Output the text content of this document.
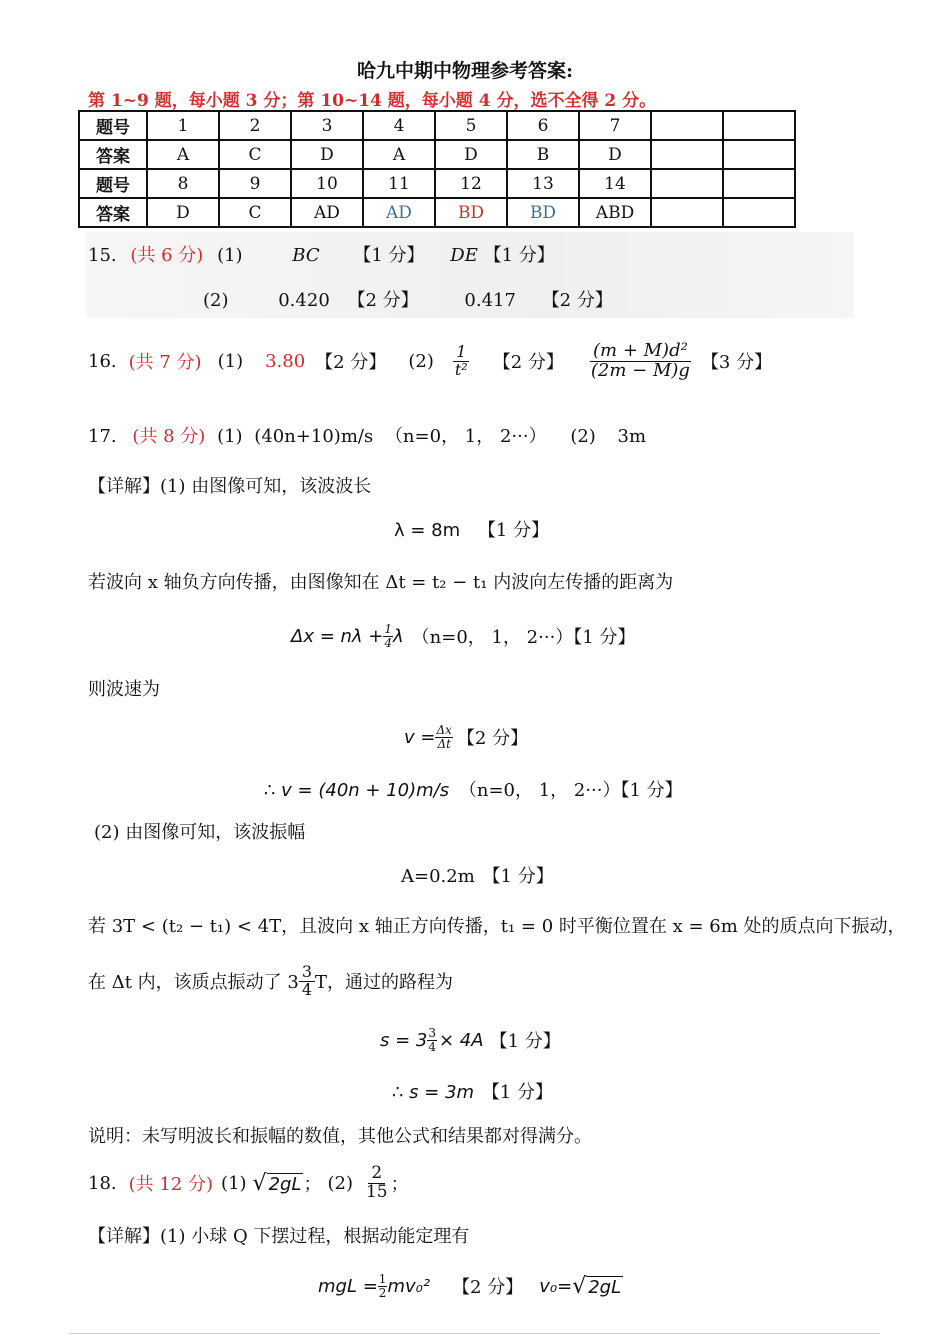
哈九中期中物理参考答案:
第 1~9 题，每小题 3 分；第 10~14 题，每小题 4 分，选不全得 2 分。
题号	1	2	3	4	5	6	7		
答案	A	C	D	A	D	B	D		
题号	8	9	10	11	12	13	14		
答案	D	C	AD	AD	BD	BD	ABD		
15. (共 6 分) (1)	BC 【1 分】 DE 【1 分】
(2)	0.420 【2 分】	0.417 【2 分】
16. (共 7 分) (1) 3.80 【2 分】 $(2) \frac{1}{\text{t²}}$ 【2 分】 $\frac{\text{(m + M)d²}}{(2m - M)g}$ 【3 分】
17. (共 8 分) (1) (40n+10)m/s （n=0， 1， 2···） (2) 3m
【详解】(1) 由图像可知，该波波长
λ = 8m 【1 分】
若波向 x 轴负方向传播，由图像知在 Δt = t₂ − t₁ 内波向左传播的距离为
$\Delta x = n\lambda + \frac{1}{4}$ λ （n=0， 1， 2···）【1 分】
则波速为
$v = \frac{\Delta x}{\Delta t}$ 【2 分】
∴ v = (40n + 10)m/s （n=0， 1， 2···）【1 分】
(2) 由图像可知，该波振幅
A=0.2m 【1 分】
若 3T < (t₂ − t₁) < 4T，且波向 x 轴正方向传播，t₁ = 0 时平衡位置在 x = 6m 处的质点向下振动，
在 Δt 内，该质点振动了 $3 \frac{3}{4}$ T，通过的路程为
$s = 3 \frac{3}{4} \times 4A$ 【1 分】
∴ s = 3m 【1 分】
说明：未写明波长和振幅的数值，其他公式和结果都对得满分。
18. (共 12 分) (1) √ 2gL ； $(2) \frac{2}{15}$ ；
【详解】(1) 小球 Q 下摆过程，根据动能定理有
mgL = $\frac{1}{2} mv_0^2$ 【2 分】 v₀= √ 2gL
